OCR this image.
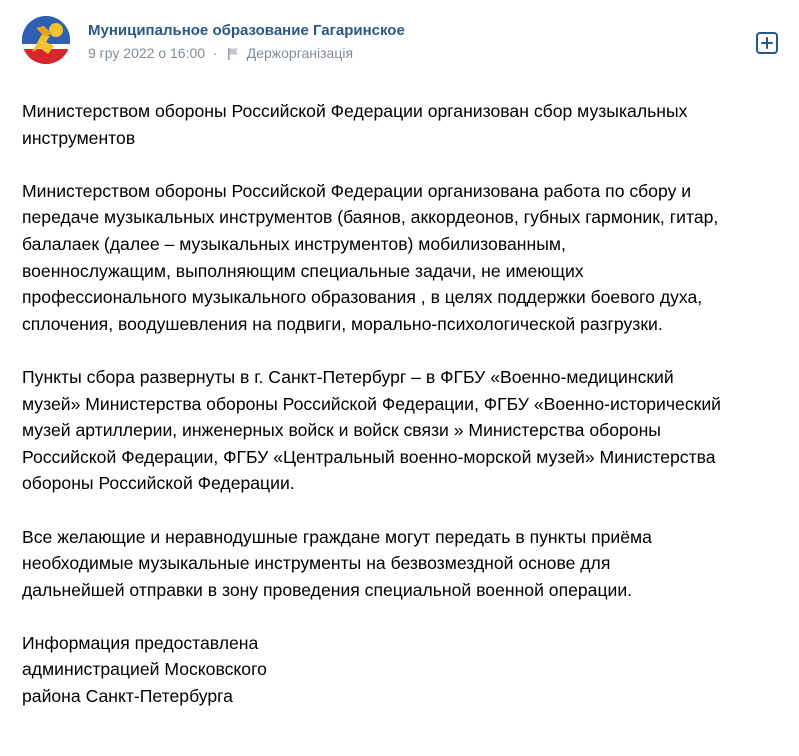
Муниципальное образование Гагаринское
9 гру 2022 о 16:00 · Держорганізація
Министерством обороны Российской Федерации организован сбор музыкальных
инструментов
Министерством обороны Российской Федерации организована работа по сбору и
передаче музыкальных инструментов (баянов, аккордеонов, губных гармоник, гитар,
балалаек (далее – музыкальных инструментов) мобилизованным,
военнослужащим, выполняющим специальные задачи, не имеющих
профессионального музыкального образования , в целях поддержки боевого духа,
сплочения, воодушевления на подвиги, морально-психологической разгрузки.
Пункты сбора развернуты в г. Санкт-Петербург – в ФГБУ «Военно-медицинский
музей» Министерства обороны Российской Федерации, ФГБУ «Военно-исторический
музей артиллерии, инженерных войск и войск связи » Министерства обороны
Российской Федерации, ФГБУ «Центральный военно-морской музей» Министерства
обороны Российской Федерации.
Все желающие и неравнодушные граждане могут передать в пункты приёма
необходимые музыкальные инструменты на безвозмездной основе для
дальнейшей отправки в зону проведения специальной военной операции.
Информация предоставлена
администрацией Московского
района Санкт-Петербурга
